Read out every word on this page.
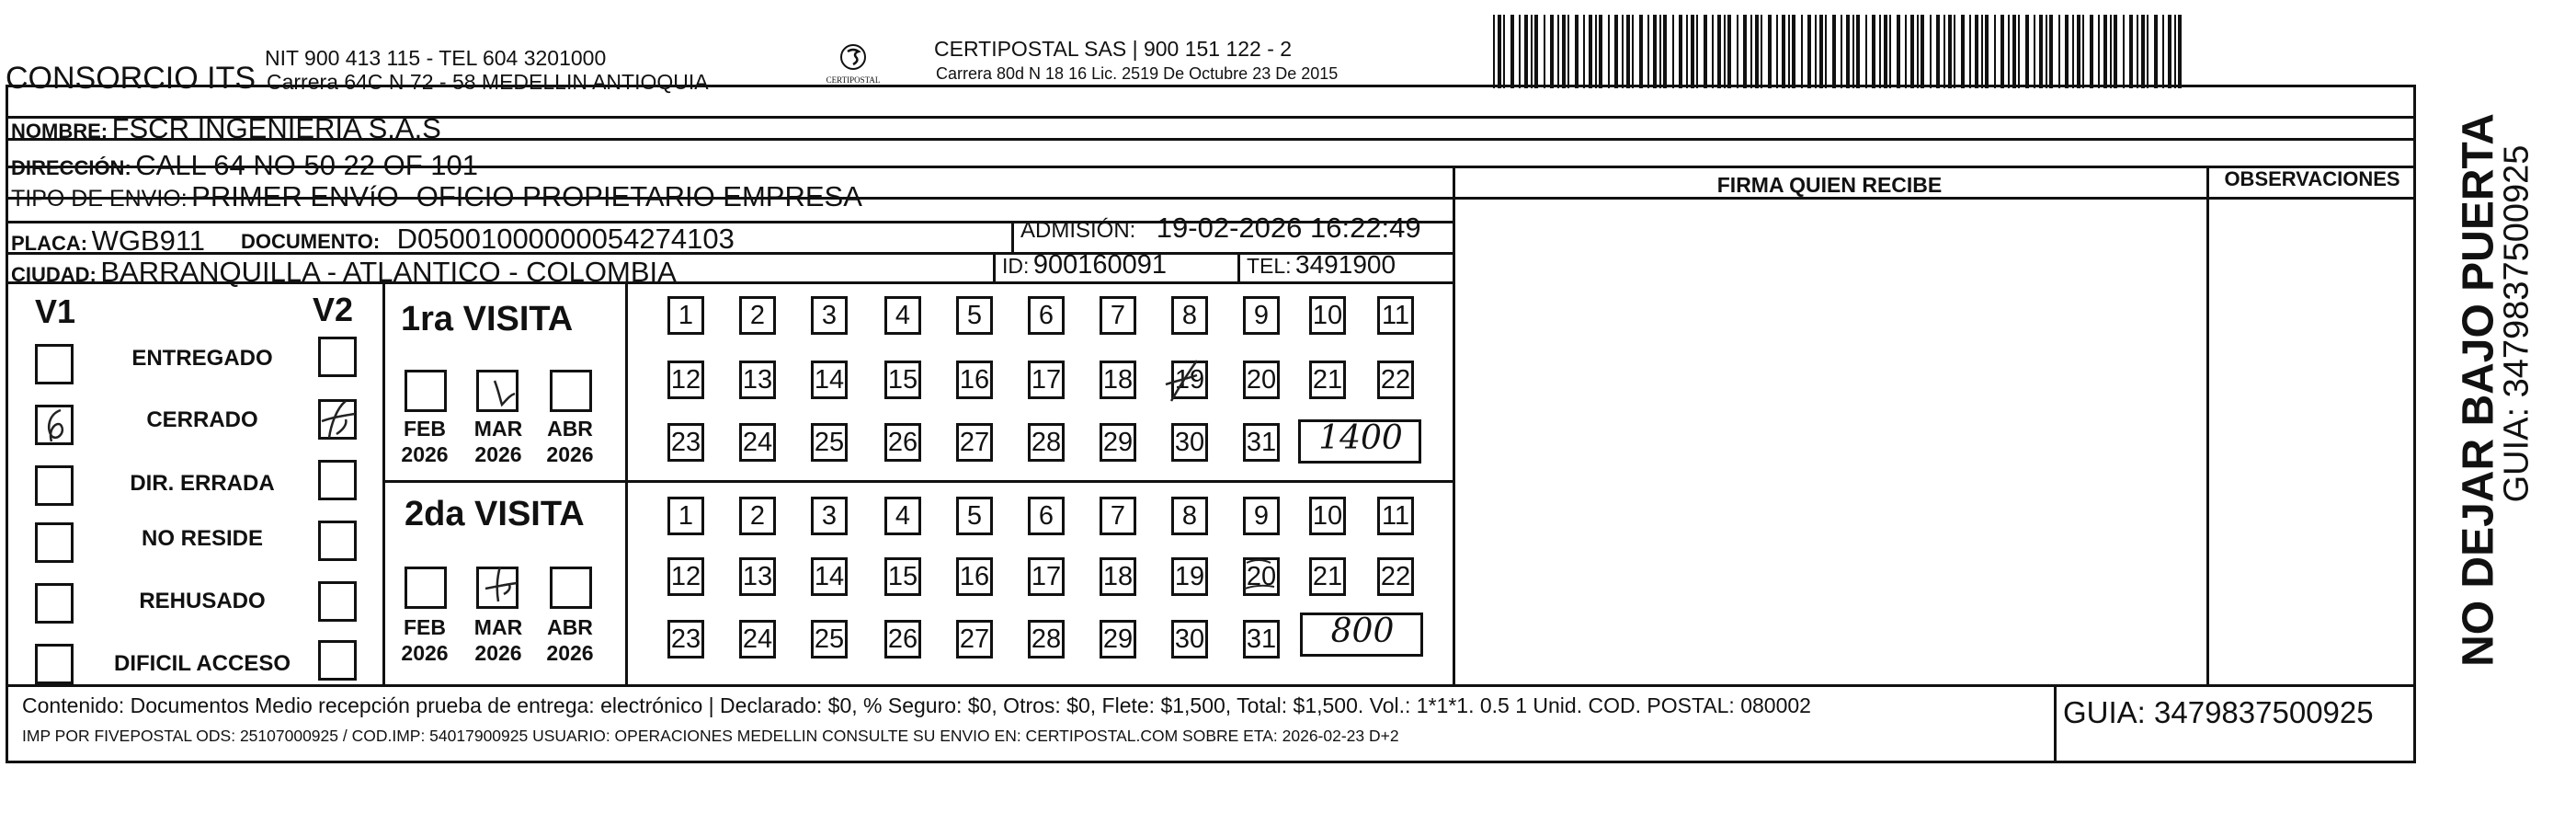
CONSORCIO ITS
NIT 900 413 115 - TEL 604 3201000
Carrera 64C N 72 - 58 MEDELLIN ANTIOQUIA	CERTIPOSTAL
CERTIPOSTAL SAS | 900 151 122 - 2
Carrera 80d N 18 16 Lic. 2519 De Octubre 23 De 2015
NOMBRE: FSCR INGENIERIA S.A.S
DIRECCIÓN: CALL 64 NO 50 22 OF 101
TIPO DE ENVIO: PRIMER ENVíO -OFICIO PROPIETARIO EMPRESA
PLACA: WGB911 DOCUMENTO: D05001000000054274103	ADMISIÓN: 19-02-2026 16:22:49
CIUDAD: BARRANQUILLA - ATLANTICO - COLOMBIA	ID: 900160091	TEL: 3491900
FIRMA QUIEN RECIBE	OBSERVACIONES
V1	V2
ENTREGADO
CERRADO
DIR. ERRADA
NO RESIDE
REHUSADO
DIFICIL ACCESO
1ra VISITA
FEB
2026
MAR
2026
ABR
2026
1	2	3	4	5	6	7	8	9	10 11
12 13 14 15 16 17 18 19 20 21 22
23 24 25 26 27 28 29 30 31	1400
2da VISITA
FEB
2026
MAR
2026
ABR
2026
1	2	3	4	5	6	7	8	9	10 11
12 13 14 15 16 17 18 19 20 21 22
23 24 25 26 27 28 29 30 31	800
Contenido: Documentos Medio recepción prueba de entrega: electrónico | Declarado: $0, % Seguro: $0, Otros: $0, Flete: $1,500, Total: $1,500. Vol.: 1*1*1. 0.5 1 Unid. COD. POSTAL: 080002
IMP POR FIVEPOSTAL ODS: 25107000925 / COD.IMP: 54017900925 USUARIO: OPERACIONES MEDELLIN CONSULTE SU ENVIO EN: CERTIPOSTAL.COM SOBRE ETA: 2026-02-23 D+2
GUIA: 3479837500925
NO DEJAR BAJO PUERTA
GUIA: 3479837500925
